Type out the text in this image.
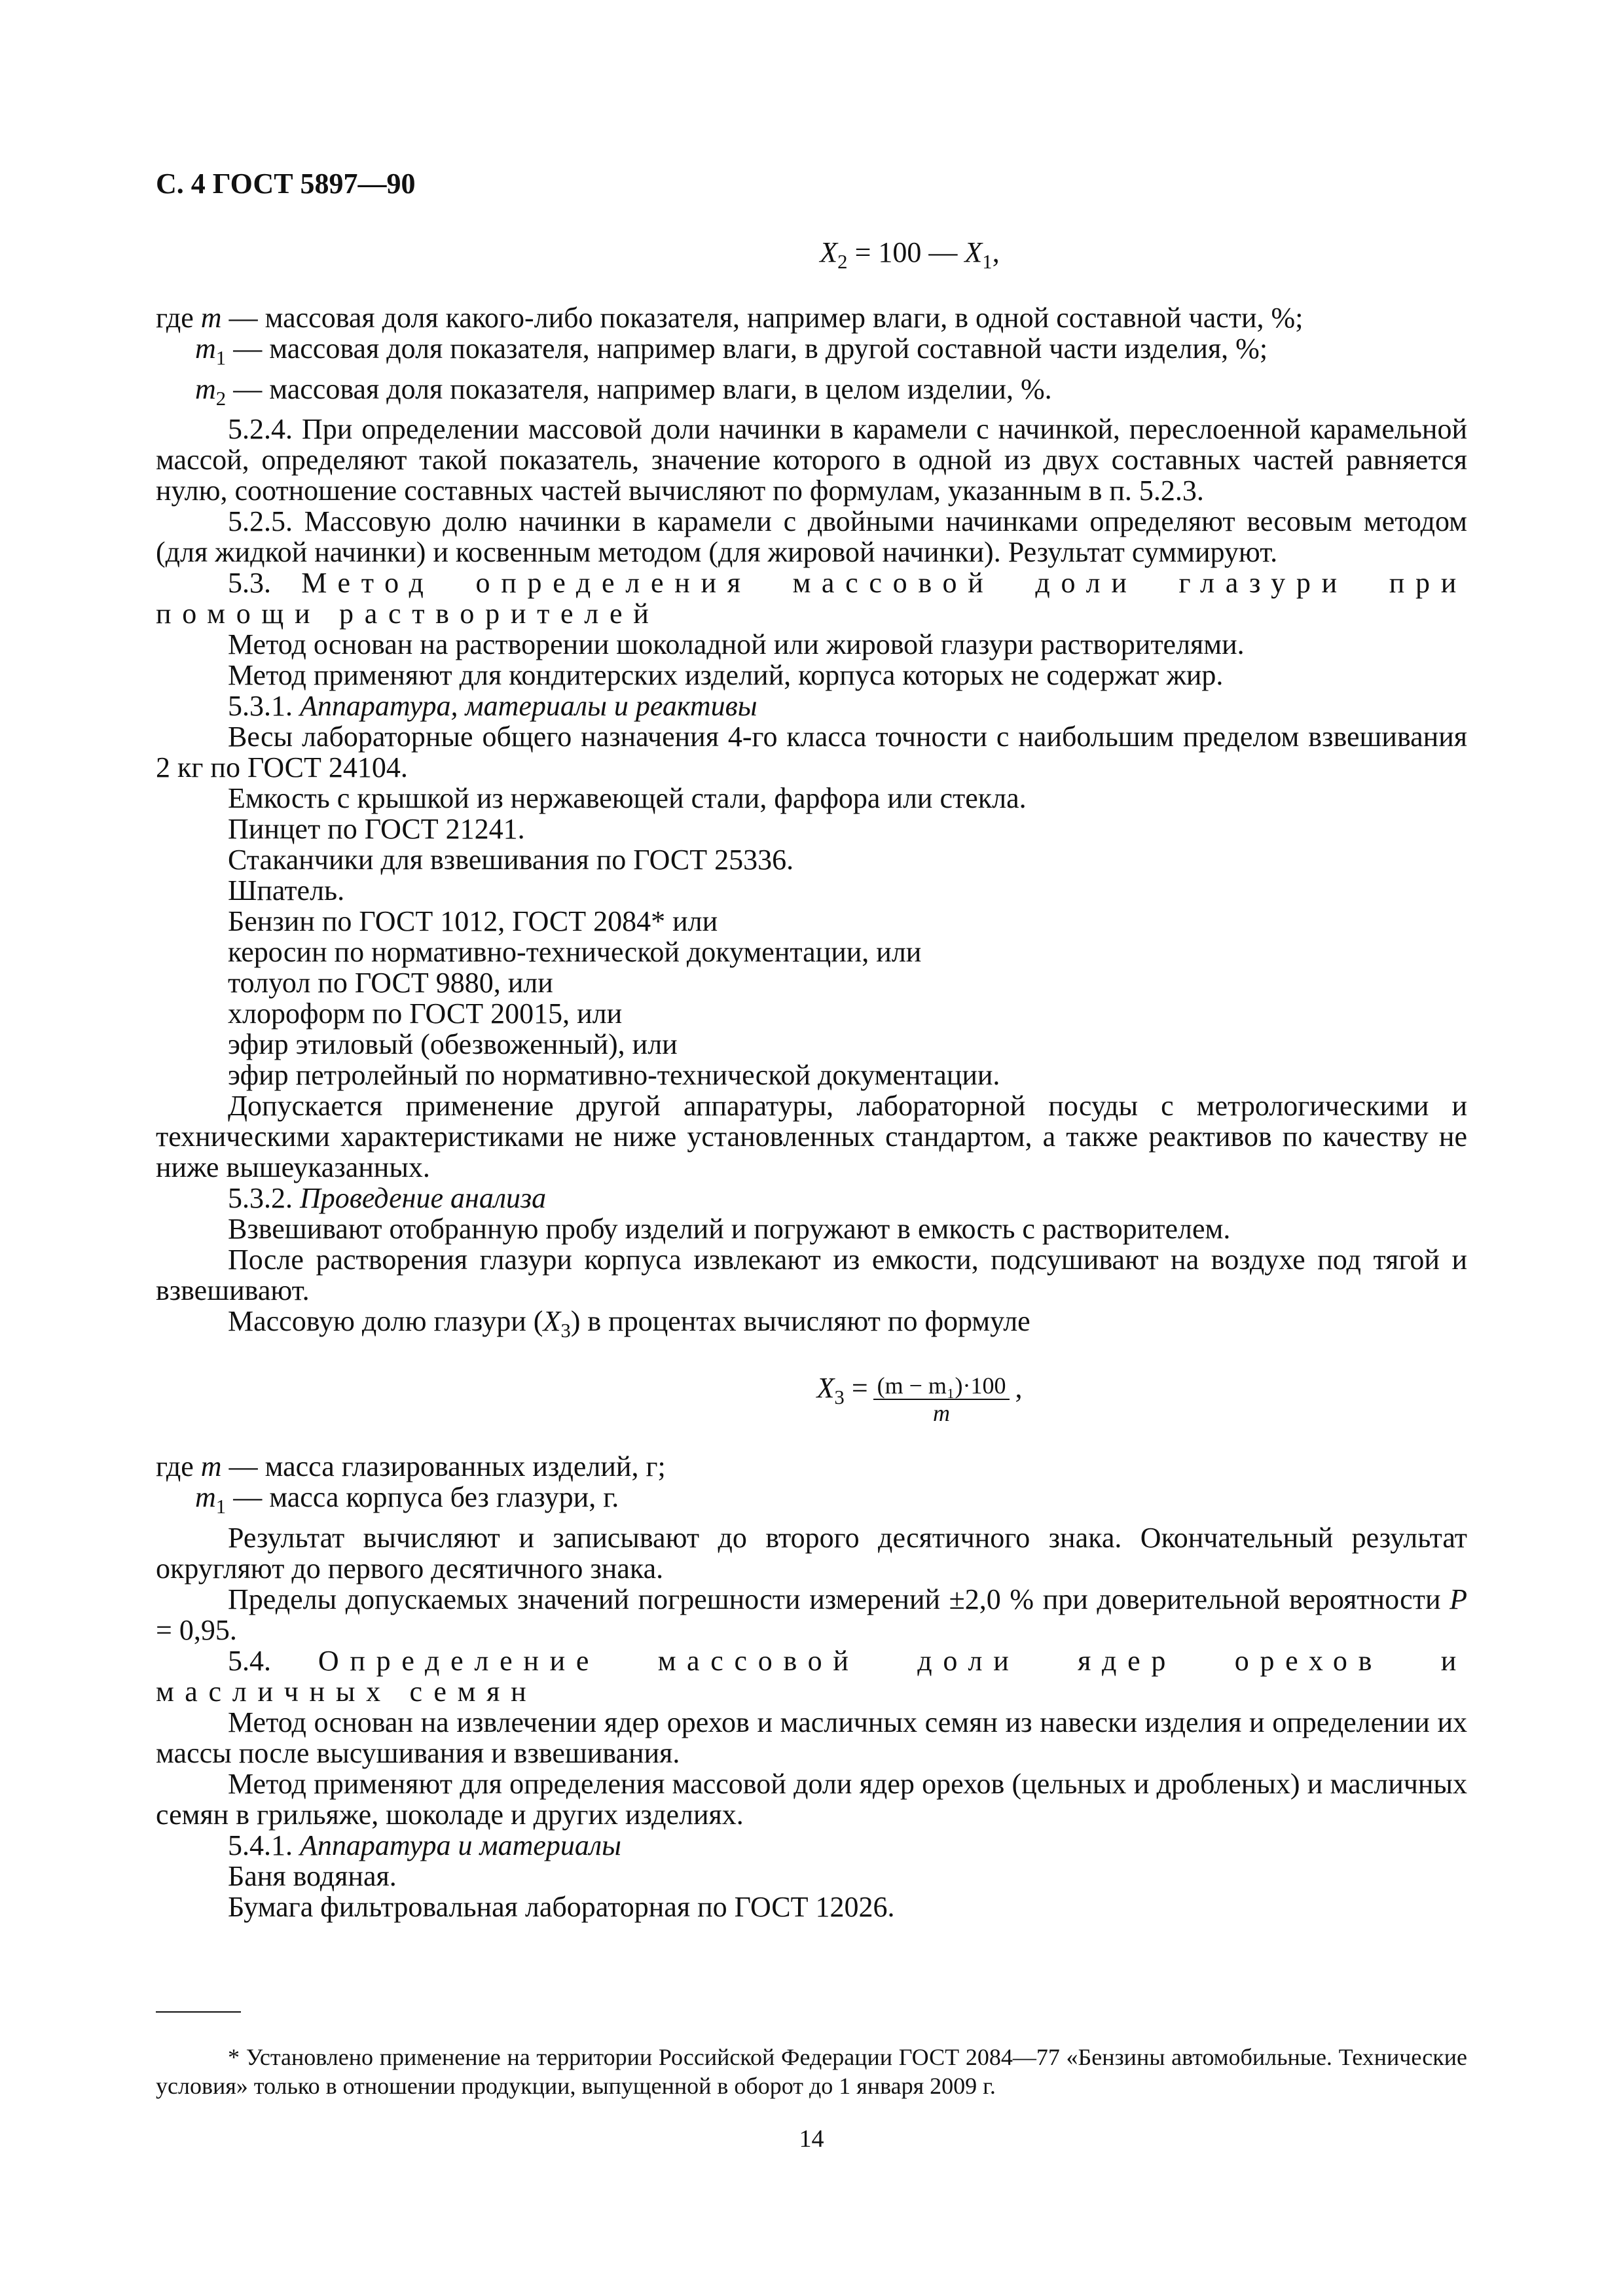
С. 4 ГОСТ 5897—90

$X_2 = 100$ — $X_1$,

где m — массовая доля какого-либо показателя, например влаги, в одной составной части, %;

$m_1$ — массовая доля показателя, например влаги, в другой составной части изделия, %;

$m_2$ — массовая доля показателя, например влаги, в целом изделии, %.

5.2.4. При определении массовой доли начинки в карамели с начинкой, переслоенной карамельной массой, определяют такой показатель, значение которого в одной из двух составных частей равняется нулю, соотношение составных частей вычисляют по формулам, указанным в п. 5.2.3.

5.2.5. Массовую долю начинки в карамели с двойными начинками определяют весовым методом (для жидкой начинки) и косвенным методом (для жировой начинки). Результат суммируют.

5.3. Метод определения массовой доли глазури при помощи растворителей

Метод основан на растворении шоколадной или жировой глазури растворителями.

Метод применяют для кондитерских изделий, корпуса которых не содержат жир.

5.3.1. Аппаратура, материалы и реактивы

Весы лабораторные общего назначения 4-го класса точности с наибольшим пределом взвешивания 2 кг по ГОСТ 24104.

Емкость с крышкой из нержавеющей стали, фарфора или стекла.

Пинцет по ГОСТ 21241.

Стаканчики для взвешивания по ГОСТ 25336.

Шпатель.

Бензин по ГОСТ 1012, ГОСТ 2084* или

керосин по нормативно-технической документации, или

толуол по ГОСТ 9880, или

хлороформ по ГОСТ 20015, или

эфир этиловый (обезвоженный), или

эфир петролейный по нормативно-технической документации.

Допускается применение другой аппаратуры, лабораторной посуды с метрологическими и техническими характеристиками не ниже установленных стандартом, а также реактивов по качеству не ниже вышеуказанных.

5.3.2. Проведение анализа

Взвешивают отобранную пробу изделий и погружают в емкость с растворителем.

После растворения глазури корпуса извлекают из емкости, подсушивают на воздухе под тягой и взвешивают.

Массовую долю глазури $(X_3)$ в процентах вычисляют по формуле

$X_3 = \frac{\text{(m − m₁)·100}}{m}$ ,

где m — масса глазированных изделий, г;

$m_1$ — масса корпуса без глазури, г.

Результат вычисляют и записывают до второго десятичного знака. Окончательный результат округляют до первого десятичного знака.

Пределы допускаемых значений погрешности измерений ±2,0 % при доверительной вероятности P = 0,95.

5.4. Определение массовой доли ядер орехов и масличных семян

Метод основан на извлечении ядер орехов и масличных семян из навески изделия и определении их массы после высушивания и взвешивания.

Метод применяют для определения массовой доли ядер орехов (цельных и дробленых) и масличных семян в грильяже, шоколаде и других изделиях.

5.4.1. Аппаратура и материалы

Баня водяная.

Бумага фильтровальная лабораторная по ГОСТ 12026.

* Установлено применение на территории Российской Федерации ГОСТ 2084—77 «Бензины автомобильные. Технические условия» только в отношении продукции, выпущенной в оборот до 1 января 2009 г.

14
